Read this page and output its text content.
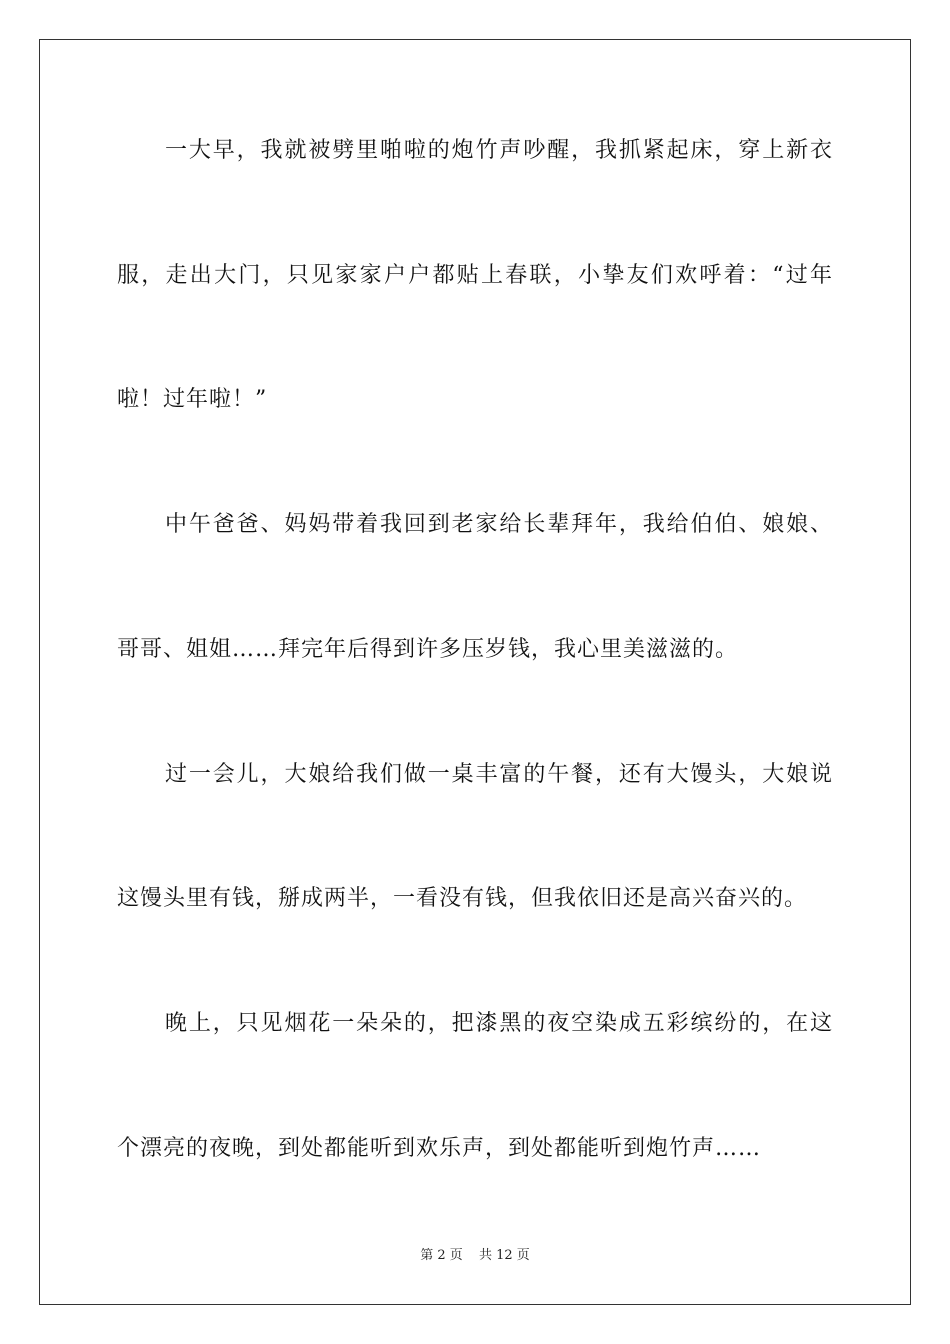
一大早，我就被劈里啪啦的炮竹声吵醒，我抓紧起床，穿上新衣
服，走出大门，只见家家户户都贴上春联，小挚友们欢呼着：“过年
啦！过年啦！”
中午爸爸、妈妈带着我回到老家给长辈拜年，我给伯伯、娘娘、
哥哥、姐姐……拜完年后得到许多压岁钱，我心里美滋滋的。
过一会儿，大娘给我们做一桌丰富的午餐，还有大馒头，大娘说
这馒头里有钱，掰成两半，一看没有钱，但我依旧还是高兴奋兴的。
晚上，只见烟花一朵朵的，把漆黑的夜空染成五彩缤纷的，在这
个漂亮的夜晚，到处都能听到欢乐声，到处都能听到炮竹声……
第 2 页 共 12 页
